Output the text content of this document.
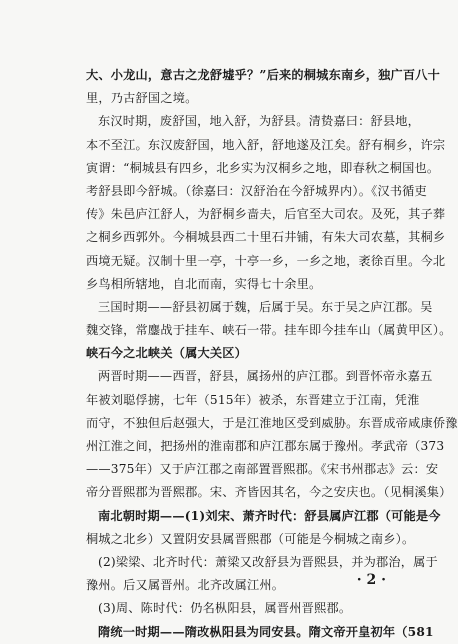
大、小龙山，意古之龙舒墟乎？”后来的桐城东南乡，独广百八十
里，乃古舒国之境。
东汉时期，废舒国，地入舒，为舒县。清贽嘉曰：舒县地，
本不至江。东汉废舒国，地入舒，舒地遂及江矣。舒有桐乡，许宗
寅谓：“桐城县有四乡，北乡实为汉桐乡之地，即春秋之桐国也。
考舒县即今舒城。（徐嘉曰：汉舒治在今舒城界内）。《汉书循吏
传》朱邑庐江舒人，为舒桐乡啬夫，后官至大司农。及死，其子葬
之桐乡西郭外。今桐城县西二十里石井铺，有朱大司农墓，其桐乡
西境无疑。汉制十里一亭，十亭一乡，一乡之地，袤徐百里。今北
乡鸟相所辖地，自北而南，实得七十余里。
三国时期——舒县初属于魏，后属于吴。东于吴之庐江郡。吴
魏交锋，常鏖战于挂车、峡石一带。挂车即今挂车山（属黄甲区）。
峡石今之北峡关（属大关区）
两晋时期——西晋，舒县，属扬州的庐江郡。到晋怀帝永嘉五
年被刘聪俘掳，七年（515年）被杀，东晋建立于江南，凭淮
而守，不独但后赵强大，于是江淮地区受到威胁。东晋成帝咸康侨豫
州江淮之间，把扬州的淮南郡和庐江郡东属于豫州。孝武帝（373
——375年）又于庐江郡之南部置晋熙郡。《宋书州郡志》云：安
帝分晋熙郡为晋熙郡。宋、齐皆因其名，今之安庆也。（见桐溪集）
南北朝时期——(1)刘宋、萧齐时代：舒县属庐江郡（可能是今
桐城之北乡）又置阴安县属晋熙郡（可能是今桐城之南乡）。
(2)梁梁、北齐时代：萧梁又改舒县为晋熙县，并为郡治，属于
豫州。后又属晋州。北齐改属江州。
(3)周、陈时代：仍名枞阳县，属晋州晋熙郡。
隋统一时期——隋改枞阳县为同安县。隋文帝开皇初年（581
· 2 ·
